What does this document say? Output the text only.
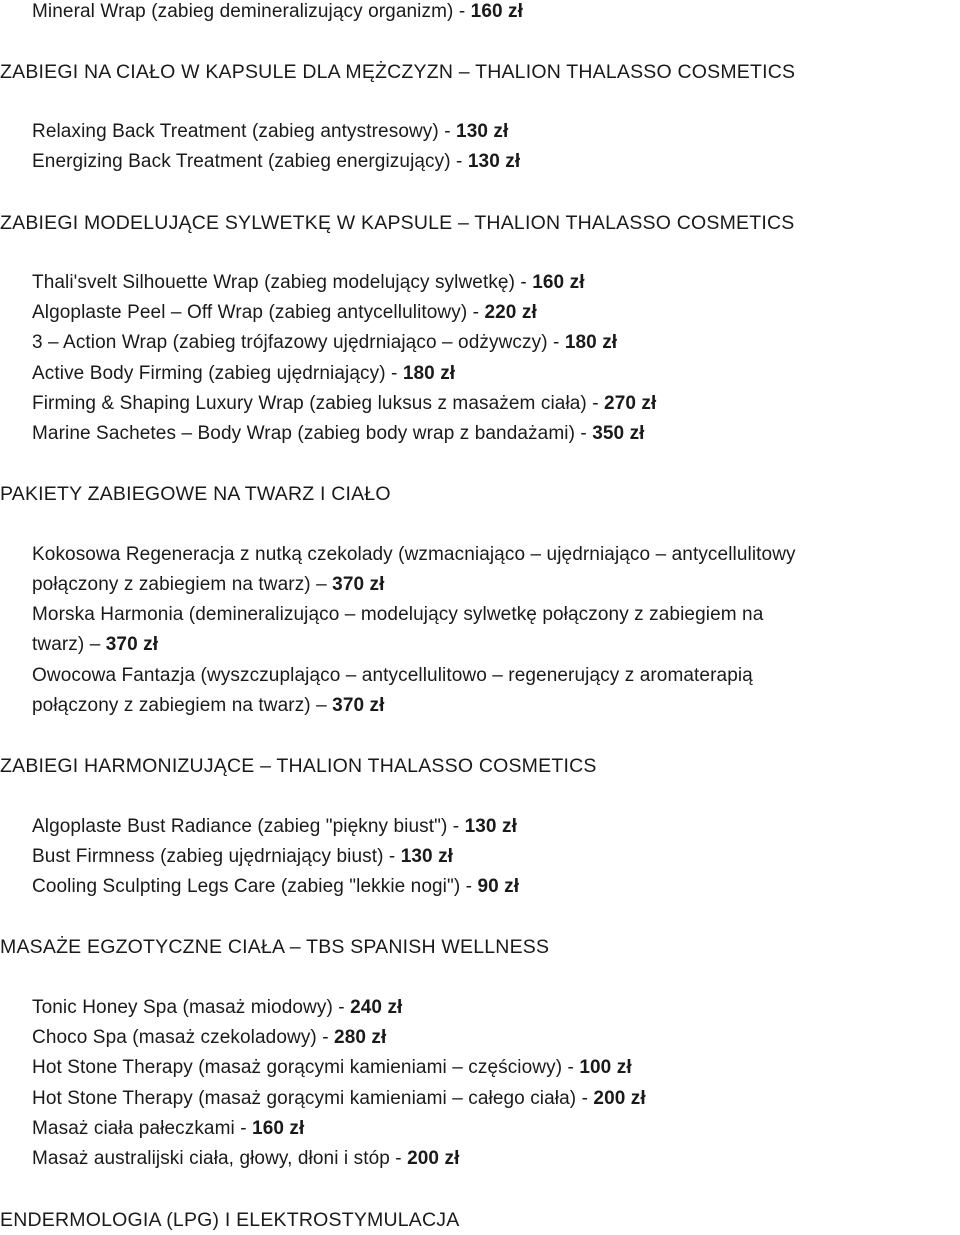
Mineral Wrap (zabieg demineralizujący organizm) - 160 zł
ZABIEGI NA CIAŁO W KAPSULE DLA MĘŻCZYZN – THALION THALASSO COSMETICS
Relaxing Back Treatment (zabieg antystresowy) - 130 zł
Energizing Back Treatment (zabieg energizujący) - 130 zł
ZABIEGI MODELUJĄCE SYLWETKĘ W KAPSULE – THALION THALASSO COSMETICS
Thali'svelt Silhouette Wrap (zabieg modelujący sylwetkę) - 160 zł
Algoplaste Peel – Off Wrap (zabieg antycellulitowy) - 220 zł
3 – Action Wrap (zabieg trójfazowy ujędrniająco – odżywczy) - 180 zł
Active Body Firming (zabieg ujędrniający) - 180 zł
Firming & Shaping Luxury Wrap (zabieg luksus z masażem ciała) - 270 zł
Marine Sachetes – Body Wrap (zabieg body wrap z bandażami) - 350 zł
PAKIETY ZABIEGOWE NA TWARZ I CIAŁO
Kokosowa Regeneracja z nutką czekolady (wzmacniająco – ujędrniająco – antycellulitowy
połączony z zabiegiem na twarz) – 370 zł
Morska Harmonia (demineralizująco – modelujący sylwetkę połączony z zabiegiem na
twarz) – 370 zł
Owocowa Fantazja (wyszczuplająco – antycellulitowo – regenerujący z aromaterapią
połączony z zabiegiem na twarz) – 370 zł
ZABIEGI HARMONIZUJĄCE – THALION THALASSO COSMETICS
Algoplaste Bust Radiance (zabieg "piękny biust") - 130 zł
Bust Firmness (zabieg ujędrniający biust) - 130 zł
Cooling Sculpting Legs Care (zabieg "lekkie nogi") - 90 zł
MASAŻE EGZOTYCZNE CIAŁA – TBS SPANISH WELLNESS
Tonic Honey Spa (masaż miodowy) - 240 zł
Choco Spa (masaż czekoladowy) - 280 zł
Hot Stone Therapy (masaż gorącymi kamieniami – częściowy) - 100 zł
Hot Stone Therapy (masaż gorącymi kamieniami – całego ciała) - 200 zł
Masaż ciała pałeczkami - 160 zł
Masaż australijski ciała, głowy, dłoni i stóp - 200 zł
ENDERMOLOGIA (LPG) I ELEKTROSTYMULACJA
